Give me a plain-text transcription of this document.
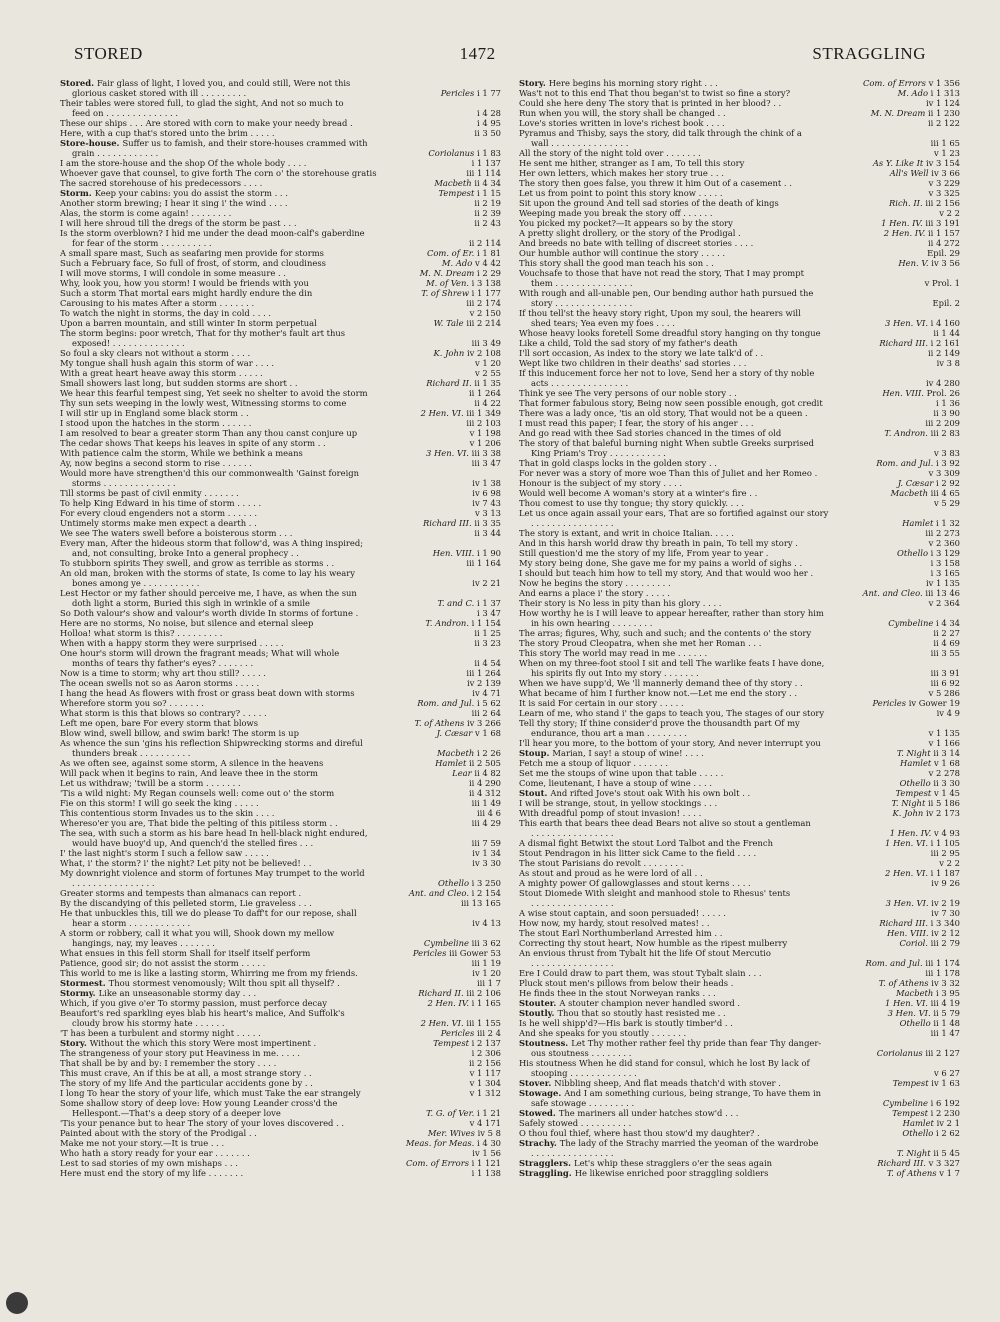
STORED	1472	STRAGGLING
Stored. Fair glass of light, I loved you, and could still, Were not this
glorious casket stored with ill . . . . . . . . .	Pericles i 1 77
Their tables were stored full, to glad the sight, And not so much to
feed on . . . . . . . . . . . . . .	i 4 28
These our ships . . . Are stored with corn to make your needy bread .	i 4 95
Here, with a cup that's stored unto the brim . . . . .	ii 3 50
Store-house. Suffer us to famish, and their store-houses crammed with
grain . . . . . . . . . . . .	Coriolanus i 1 83
I am the store-house and the shop Of the whole body . . . .	i 1 137
Whoever gave that counsel, to give forth The corn o' the storehouse gratis	iii 1 114
The sacred storehouse of his predecessors . . . .	Macbeth ii 4 34
Storm. Keep your cabins: you do assist the storm . . .	Tempest i 1 15
Another storm brewing; I hear it sing i' the wind . . . .	ii 2 19
Alas, the storm is come again! . . . . . . . .	ii 2 39
I will here shroud till the dregs of the storm be past . . .	ii 2 43
Is the storm overblown? I hid me under the dead moon-calf's gaberdine
for fear of the storm . . . . . . . . . .	ii 2 114
A small spare mast, Such as seafaring men provide for storms	Com. of Er. i 1 81
Such a February face, So full of frost, of storm, and cloudiness	M. Ado v 4 42
I will move storms, I will condole in some measure . .	M. N. Dream i 2 29
Why, look you, how you storm! I would be friends with you	M. of Ven. i 3 138
Such a storm That mortal ears might hardly endure the din	T. of Shrew i 1 177
Carousing to his mates After a storm . . . . . . .	iii 2 174
To watch the night in storms, the day in cold . . . .	v 2 150
Upon a barren mountain, and still winter In storm perpetual	W. Tale iii 2 214
The storm begins: poor wretch, That for thy mother's fault art thus
exposed! . . . . . . . . . . . . . .	iii 3 49
So foul a sky clears not without a storm . . . .	K. John iv 2 108
My tongue shall hush again this storm of war . . . .	v 1 20
With a great heart heave away this storm . . . . .	v 2 55
Small showers last long, but sudden storms are short . .	Richard II. ii 1 35
We hear this fearful tempest sing, Yet seek no shelter to avoid the storm	ii 1 264
Thy sun sets weeping in the lowly west, Witnessing storms to come	ii 4 22
I will stir up in England some black storm . .	2 Hen. VI. iii 1 349
I stood upon the hatches in the storm . . . . . .	iii 2 103
I am resolved to bear a greater storm Than any thou canst conjure up	v 1 198
The cedar shows That keeps his leaves in spite of any storm . .	v 1 206
With patience calm the storm, While we bethink a means	3 Hen. VI. iii 3 38
Ay, now begins a second storm to rise . . . . . .	iii 3 47
Would more have strengthen'd this our commonwealth 'Gainst foreign
storms . . . . . . . . . . . . . .	iv 1 38
Till storms be past of civil enmity . . . . . . .	iv 6 98
To help King Edward in his time of storm . . . . .	iv 7 43
For every cloud engenders not a storm . . . . . .	v 3 13
Untimely storms make men expect a dearth . .	Richard III. ii 3 35
We see The waters swell before a boisterous storm . . .	ii 3 44
Every man, After the hideous storm that follow'd, was A thing inspired;
and, not consulting, broke Into a general prophecy . .	Hen. VIII. i 1 90
To stubborn spirits They swell, and grow as terrible as storms . .	iii 1 164
An old man, broken with the storms of state, Is come to lay his weary
bones among ye . . . . . . . . . . .	iv 2 21
Lest Hector or my father should perceive me, I have, as when the sun
doth light a storm, Buried this sigh in wrinkle of a smile	T. and C. i 1 37
So Doth valour's show and valour's worth divide In storms of fortune .	i 3 47
Here are no storms, No noise, but silence and eternal sleep	T. Andron. i 1 154
Holloa! what storm is this? . . . . . . . . .	ii 1 25
When with a happy storm they were surprised . . . . .	ii 3 23
One hour's storm will drown the fragrant meads; What will whole
months of tears thy father's eyes? . . . . . . .	ii 4 54
Now is a time to storm; why art thou still? . . . . .	iii 1 264
The ocean swells not so as Aaron storms . . . . .	iv 2 139
I hang the head As flowers with frost or grass beat down with storms	iv 4 71
Wherefore storm you so? . . . . . . .	Rom. and Jul. i 5 62
What storm is this that blows so contrary? . . . . .	iii 2 64
Left me open, bare For every storm that blows	T. of Athens iv 3 266
Blow wind, swell billow, and swim bark! The storm is up	J. Cæsar v 1 68
As whence the sun 'gins his reflection Shipwrecking storms and direful
thunders break . . . . . . . . . .	Macbeth i 2 26
As we often see, against some storm, A silence in the heavens	Hamlet ii 2 505
Will pack when it begins to rain, And leave thee in the storm	Lear ii 4 82
Let us withdraw; 'twill be a storm . . . . . . .	ii 4 290
'Tis a wild night: My Regan counsels well: come out o' the storm	ii 4 312
Fie on this storm! I will go seek the king . . . . .	iii 1 49
This contentious storm Invades us to the skin . . . .	iii 4 6
Whereso'er you are, That bide the pelting of this pitiless storm . .	iii 4 29
The sea, with such a storm as his bare head In hell-black night endured,
would have buoy'd up, And quench'd the stelled fires . . .	iii 7 59
I' the last night's storm I such a fellow saw . . . . .	iv 1 34
What, i' the storm? i' the night? Let pity not be believed! . .	iv 3 30
My downright violence and storm of fortunes May trumpet to the world
. . . . . . . . . . . . . . . .	Othello i 3 250
Greater storms and tempests than almanacs can report .	Ant. and Cleo. i 2 154
By the discandying of this pelleted storm, Lie graveless . . .	iii 13 165
He that unbuckles this, till we do please To daff't for our repose, shall
hear a storm . . . . . . . . . . . .	iv 4 13
A storm or robbery, call it what you will, Shook down my mellow
hangings, nay, my leaves . . . . . . .	Cymbeline iii 3 62
What ensues in this fell storm Shall for itself itself perform	Pericles iii Gower 53
Patience, good sir; do not assist the storm . . . . .	iii 1 19
This world to me is like a lasting storm, Whirring me from my friends.	iv 1 20
Stormest. Thou stormest venomously; Wilt thou spit all thyself? .	iii 1 7
Stormy. Like an unseasonable stormy day . . .	Richard II. iii 2 106
Which, if you give o'er To stormy passion, must perforce decay	2 Hen. IV. i 1 165
Beaufort's red sparkling eyes blab his heart's malice, And Suffolk's
cloudy brow his stormy hate . . . . . .	2 Hen. VI. iii 1 155
'T has been a turbulent and stormy night . . . . .	Pericles iii 2 4
Story. Without the which this story Were most impertinent .	Tempest i 2 137
The strangeness of your story put Heaviness in me. . . . .	i 2 306
That shall be by and by: I remember the story . . . .	ii 2 156
This must crave, An if this be at all, a most strange story . .	v 1 117
The story of my life And the particular accidents gone by . .	v 1 304
I long To hear the story of your life, which must Take the ear strangely	v 1 312
Some shallow story of deep love: How young Leander cross'd the
Hellespont.—That's a deep story of a deeper love	T. G. of Ver. i 1 21
'Tis your penance but to hear The story of your loves discovered . .	v 4 171
Painted about with the story of the Prodigal . .	Mer. Wives iv 5 8
Make me not your story.—It is true . . .	Meas. for Meas. i 4 30
Who hath a story ready for your ear . . . . . . .	iv 1 56
Lest to sad stories of my own mishaps . . .	Com. of Errors i 1 121
Here must end the story of my life . . . . . . .	i 1 138
Story. Here begins his morning story right . . .	Com. of Errors v 1 356
Was't not to this end That thou began'st to twist so fine a story?	M. Ado i 1 313
Could she here deny The story that is printed in her blood? . .	iv 1 124
Run when you will, the story shall be changed . .	M. N. Dream ii 1 230
Love's stories written in love's richest book . . . .	ii 2 122
Pyramus and Thisby, says the story, did talk through the chink of a
wall . . . . . . . . . . . . . . .	iii 1 65
All the story of the night told over . . . . . . .	v 1 23
He sent me hither, stranger as I am, To tell this story	As Y. Like It iv 3 154
Her own letters, which makes her story true . . .	All's Well iv 3 66
The story then goes false, you threw it him Out of a casement . .	v 3 229
Let us from point to point this story know . . . . .	v 3 325
Sit upon the ground And tell sad stories of the death of kings	Rich. II. iii 2 156
Weeping made you break the story off . . . . . .	v 2 2
You picked my pocket?—It appears so by the story	1 Hen. IV. iii 3 191
A pretty slight drollery, or the story of the Prodigal .	2 Hen. IV. ii 1 157
And breeds no bate with telling of discreet stories . . . .	ii 4 272
Our humble author will continue the story . . . . .	Epil. 29
This story shall the good man teach his son . .	Hen. V. iv 3 56
Vouchsafe to those that have not read the story, That I may prompt
them . . . . . . . . . . . . . . .	v Prol. 1
With rough and all-unable pen, Our bending author hath pursued the
story . . . . . . . . . . . . . . .	Epil. 2
If thou tell'st the heavy story right, Upon my soul, the hearers will
shed tears; Yea even my foes . . . .	3 Hen. VI. i 4 160
Whose heavy looks foretell Some dreadful story hanging on thy tongue	ii 1 44
Like a child, Told the sad story of my father's death	Richard III. i 2 161
I'll sort occasion, As index to the story we late talk'd of . .	ii 2 149
Wept like two children in their deaths' sad stories . . .	iv 3 8
If this inducement force her not to love, Send her a story of thy noble
acts . . . . . . . . . . . . . . .	iv 4 280
Think ye see The very persons of our noble story . .	Hen. VIII. Prol. 26
That former fabulous story, Being now seen possible enough, got credit	i 1 36
There was a lady once, 'tis an old story, That would not be a queen .	ii 3 90
I must read this paper; I fear, the story of his anger . . .	iii 2 209
And go read with thee Sad stories chanced in the times of old	T. Andron. iii 2 83
The story of that baleful burning night When subtle Greeks surprised
King Priam's Troy . . . . . . . . . . .	v 3 83
That in gold clasps locks in the golden story . .	Rom. and Jul. i 3 92
For never was a story of more woe Than this of Juliet and her Romeo .	v 3 309
Honour is the subject of my story . . . .	J. Cæsar i 2 92
Would well become A woman's story at a winter's fire . .	Macbeth iii 4 65
Thou comest to use thy tongue; thy story quickly. . . .	v 5 29
Let us once again assail your ears, That are so fortified against our story
. . . . . . . . . . . . . . . .	Hamlet i 1 32
The story is extant, and writ in choice Italian. . . . .	iii 2 273
And in this harsh world draw thy breath in pain, To tell my story .	v 2 360
Still question'd me the story of my life, From year to year .	Othello i 3 129
My story being done, She gave me for my pains a world of sighs . .	i 3 158
I should but teach him how to tell my story, And that would woo her .	i 3 165
Now he begins the story . . . . . . . . .	iv 1 135
And earns a place i' the story . . . . .	Ant. and Cleo. iii 13 46
Their story is No less in pity than his glory . . . .	v 2 364
How worthy he is I will leave to appear hereafter, rather than story him
in his own hearing . . . . . . . .	Cymbeline i 4 34
The arras; figures, Why, such and such; and the contents o' the story	ii 2 27
The story Proud Cleopatra, when she met her Roman . . .	ii 4 69
This story The world may read in me . . . . . .	iii 3 55
When on my three-foot stool I sit and tell The warlike feats I have done,
his spirits fly out Into my story . . . . . . .	iii 3 91
When we have supp'd, We 'll mannerly demand thee of thy story . .	iii 6 92
What became of him I further know not.—Let me end the story . .	v 5 286
It is said For certain in our story . . . . .	Pericles iv Gower 19
Learn of me, who stand i' the gaps to teach you, The stages of our story	iv 4 9
Tell thy story; If thine consider'd prove the thousandth part Of my
endurance, thou art a man . . . . . . . .	v 1 135
I'll hear you more, to the bottom of your story, And never interrupt you	v 1 166
Stoup. Marian, I say! a stoup of wine! . . . .	T. Night ii 3 14
Fetch me a stoup of liquor . . . . . . .	Hamlet v 1 68
Set me the stoups of wine upon that table . . . . .	v 2 278
Come, lieutenant, I have a stoup of wine . . . .	Othello ii 3 30
Stout. And rifted Jove's stout oak With his own bolt . .	Tempest v 1 45
I will be strange, stout, in yellow stockings . . .	T. Night ii 5 186
With dreadful pomp of stout invasion! . . . .	K. John iv 2 173
This earth that bears thee dead Bears not alive so stout a gentleman
. . . . . . . . . . . . . . . .	1 Hen. IV. v 4 93
A dismal fight Betwixt the stout Lord Talbot and the French	1 Hen. VI. i 1 105
Stout Pendragon in his litter sick Came to the field . . . .	iii 2 95
The stout Parisians do revolt . . . . . . . .	v 2 2
As stout and proud as he were lord of all . .	2 Hen. VI. i 1 187
A mighty power Of gallowglasses and stout kerns . . . .	iv 9 26
Stout Diomede With sleight and manhood stole to Rhesus' tents
. . . . . . . . . . . . . . . .	3 Hen. VI. iv 2 19
A wise stout captain, and soon persuaded! . . . . .	iv 7 30
How now, my hardy, stout resolved mates! . .	Richard III. i 3 340
The stout Earl Northumberland Arrested him . .	Hen. VIII. iv 2 12
Correcting thy stout heart, Now humble as the ripest mulberry	Coriol. iii 2 79
An envious thrust from Tybalt hit the life Of stout Mercutio
. . . . . . . . . . . . . . . .	Rom. and Jul. iii 1 174
Ere I Could draw to part them, was stout Tybalt slain . . .	iii 1 178
Pluck stout men's pillows from below their heads .	T. of Athens iv 3 32
He finds thee in the stout Norweyan ranks . . .	Macbeth i 3 95
Stouter. A stouter champion never handled sword .	1 Hen. VI. iii 4 19
Stoutly. Thou that so stoutly hast resisted me . .	3 Hen. VI. ii 5 79
Is he well shipp'd?—His bark is stoutly timber'd . .	Othello ii 1 48
And she speaks for you stoutly . . . . . . .	iii 1 47
Stoutness. Let Thy mother rather feel thy pride than fear Thy danger-
ous stoutness . . . . . . . .	Coriolanus iii 2 127
His stoutness When he did stand for consul, which he lost By lack of
stooping . . . . . . . . . . . . .	v 6 27
Stover. Nibbling sheep, And flat meads thatch'd with stover .	Tempest iv 1 63
Stowage. And I am something curious, being strange, To have them in
safe stowage . . . . . . . . .	Cymbeline i 6 192
Stowed. The mariners all under hatches stow'd . . .	Tempest i 2 230
Safely stowed . . . . . . . . . .	Hamlet iv 2 1
O thou foul thief, where hast thou stow'd my daughter? .	Othello i 2 62
Strachy. The lady of the Strachy married the yeoman of the wardrobe
. . . . . . . . . . . . . . . .	T. Night ii 5 45
Stragglers. Let's whip these stragglers o'er the seas again	Richard III. v 3 327
Straggling. He likewise enriched poor straggling soldiers	T. of Athens v 1 7
